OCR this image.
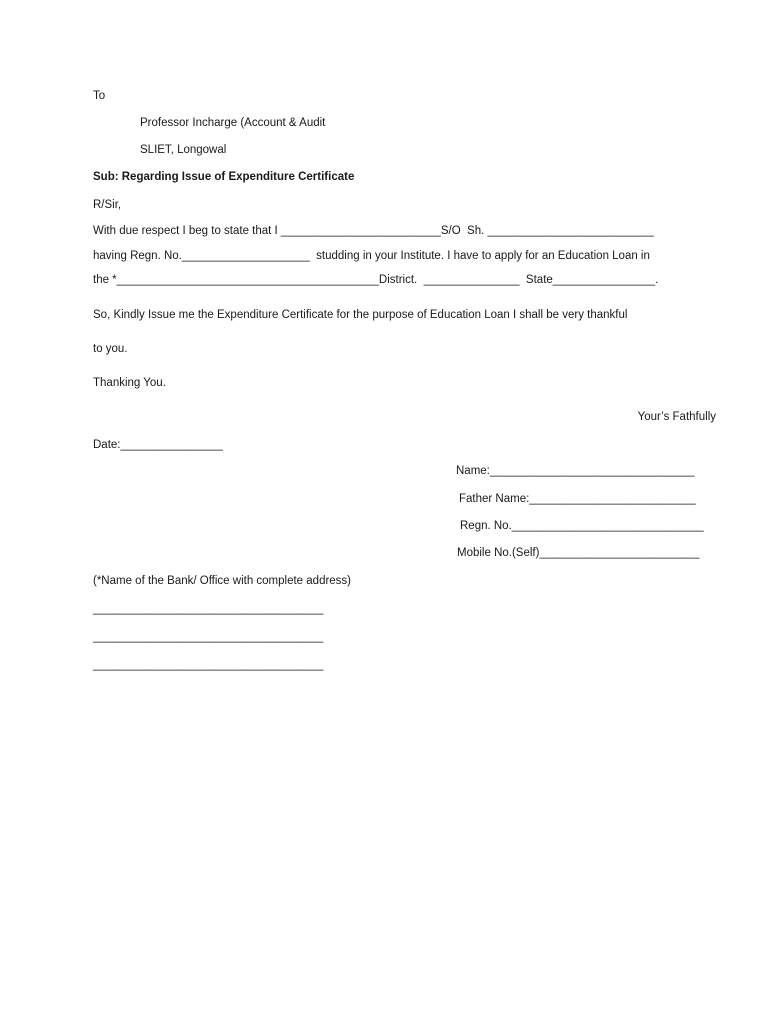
To
Professor Incharge (Account & Audit
SLIET, Longowal
Sub: Regarding Issue of Expenditure Certificate
R/Sir,
With due respect I beg to state that I _________________________S/O  Sh. __________________________
having Regn. No.____________________  studding in your Institute. I have to apply for an Education Loan in
the *_________________________________________District.  _______________  State________________.
So, Kindly Issue me the Expenditure Certificate for the purpose of Education Loan I shall be very thankful
to you.
Thanking You.
Your’s Fathfully
Date:________________
Name:________________________________
Father Name:__________________________
Regn. No.______________________________
Mobile No.(Self)_________________________
(*Name of the Bank/ Office with complete address)
____________________________________
____________________________________
____________________________________
